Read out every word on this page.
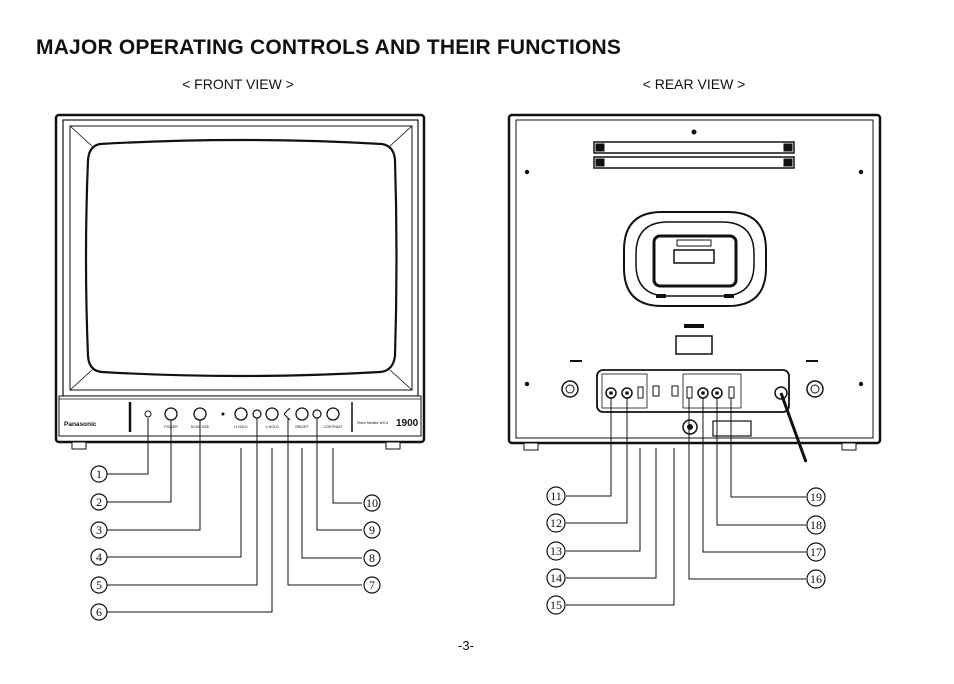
MAJOR OPERATING CONTROLS AND THEIR FUNCTIONS
< FRONT VIEW >	< REAR VIEW >
Panasonic	Video Monitor WV-5 1900
POWER	SCAN SIZE	H-HOLD	V-HOLD	BRIGHT	CONTRAST
1
2
3
4
5
6
7
8
9
10	11
12
13
14
15
16
17
18
19
-3-
